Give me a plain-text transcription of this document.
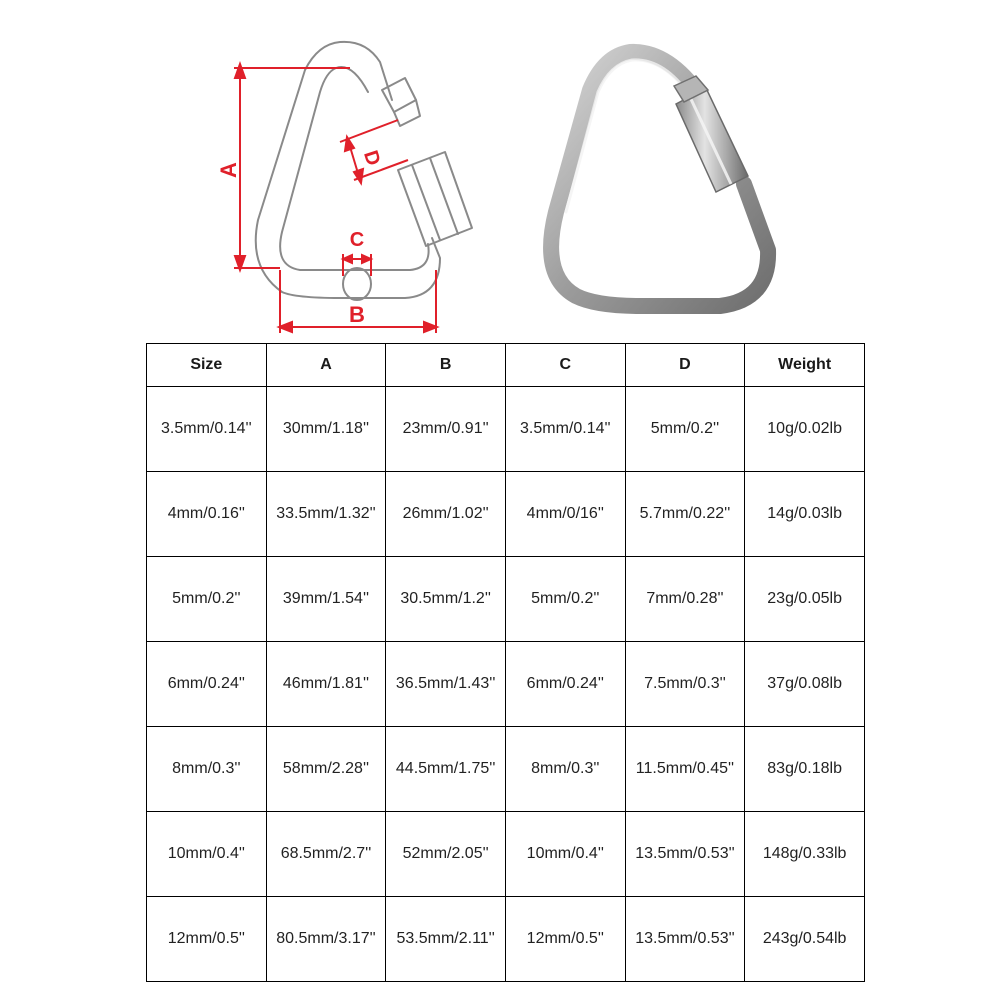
A
B
C
D
Size	A	B	C	D	Weight
3.5mm/0.14''	30mm/1.18''	23mm/0.91''	3.5mm/0.14''	5mm/0.2''	10g/0.02lb
4mm/0.16''	33.5mm/1.32''	26mm/1.02''	4mm/0/16''	5.7mm/0.22''	14g/0.03lb
5mm/0.2''	39mm/1.54''	30.5mm/1.2''	5mm/0.2''	7mm/0.28''	23g/0.05lb
6mm/0.24''	46mm/1.81''	36.5mm/1.43''	6mm/0.24''	7.5mm/0.3''	37g/0.08lb
8mm/0.3''	58mm/2.28''	44.5mm/1.75''	8mm/0.3''	11.5mm/0.45''	83g/0.18lb
10mm/0.4''	68.5mm/2.7''	52mm/2.05''	10mm/0.4''	13.5mm/0.53''	148g/0.33lb
12mm/0.5''	80.5mm/3.17''	53.5mm/2.11''	12mm/0.5''	13.5mm/0.53''	243g/0.54lb
